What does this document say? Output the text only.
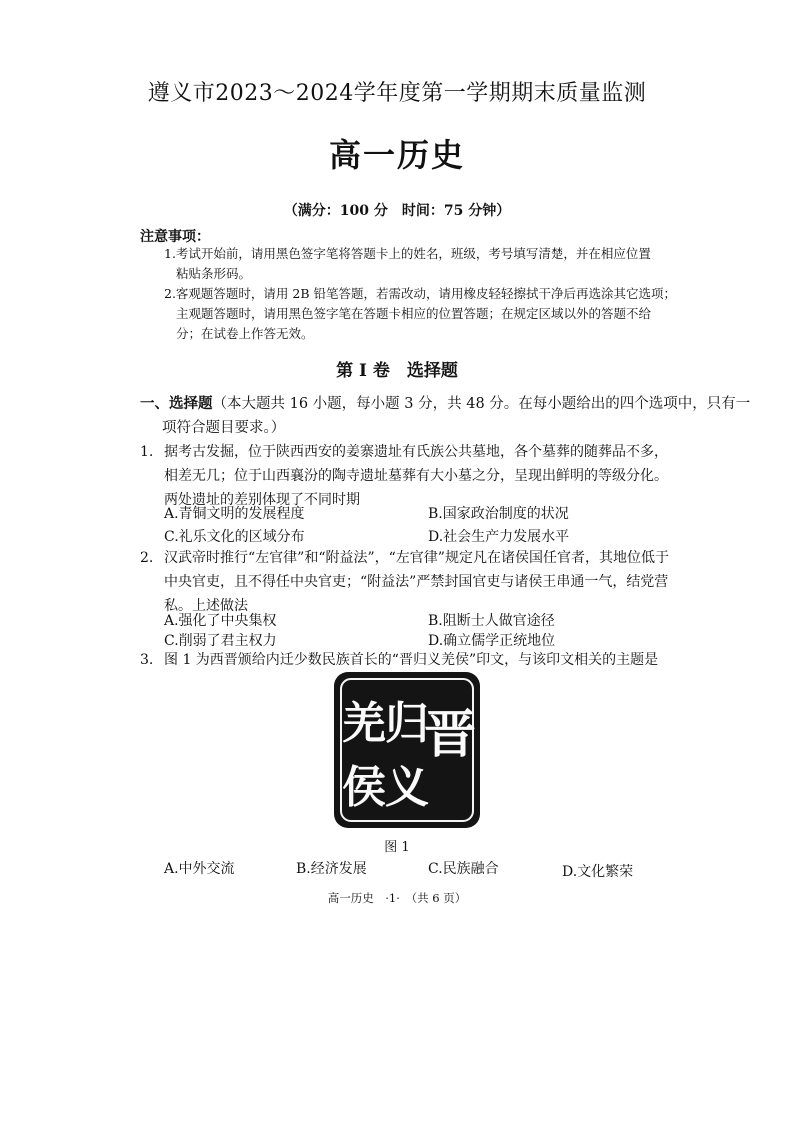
遵义市2023～2024学年度第一学期期末质量监测
高一历史
（满分：100 分　时间：75 分钟）
注意事项：
1.考试开始前，请用黑色签字笔将答题卡上的姓名，班级，考号填写清楚，并在相应位置
粘贴条形码。
2.客观题答题时，请用 2B 铅笔答题，若需改动，请用橡皮轻轻擦拭干净后再选涂其它选项；
主观题答题时，请用黑色签字笔在答题卡相应的位置答题；在规定区域以外的答题不给
分；在试卷上作答无效。
第 I 卷　选择题
一、选择题（本大题共 16 小题，每小题 3 分，共 48 分。在每小题给出的四个选项中，只有一
项符合题目要求。）
1. 据考古发掘，位于陕西西安的姜寨遗址有氏族公共墓地，各个墓葬的随葬品不多，相差无几；位于山西襄汾的陶寺遗址墓葬有大小墓之分，呈现出鲜明的等级分化。两处遗址的差别体现了不同时期
A.青铜文明的发展程度	B.国家政治制度的状况
C.礼乐文化的区域分布	D.社会生产力发展水平
2. 汉武帝时推行“左官律”和“附益法”，“左官律”规定凡在诸侯国任官者，其地位低于中央官吏，且不得任中央官吏；“附益法”严禁封国官吏与诸侯王串通一气，结党营私。上述做法
A.强化了中央集权	B.阻断士人做官途径
C.削弱了君主权力	D.确立儒学正统地位
3. 图 1 为西晋颁给内迁少数民族首长的“晋归义羌侯”印文，与该印文相关的主题是
晋
归
义
羌
侯
图 1
A.中外交流	B.经济发展	C.民族融合	D.文化繁荣
高一历史　·1·　（共 6 页）
